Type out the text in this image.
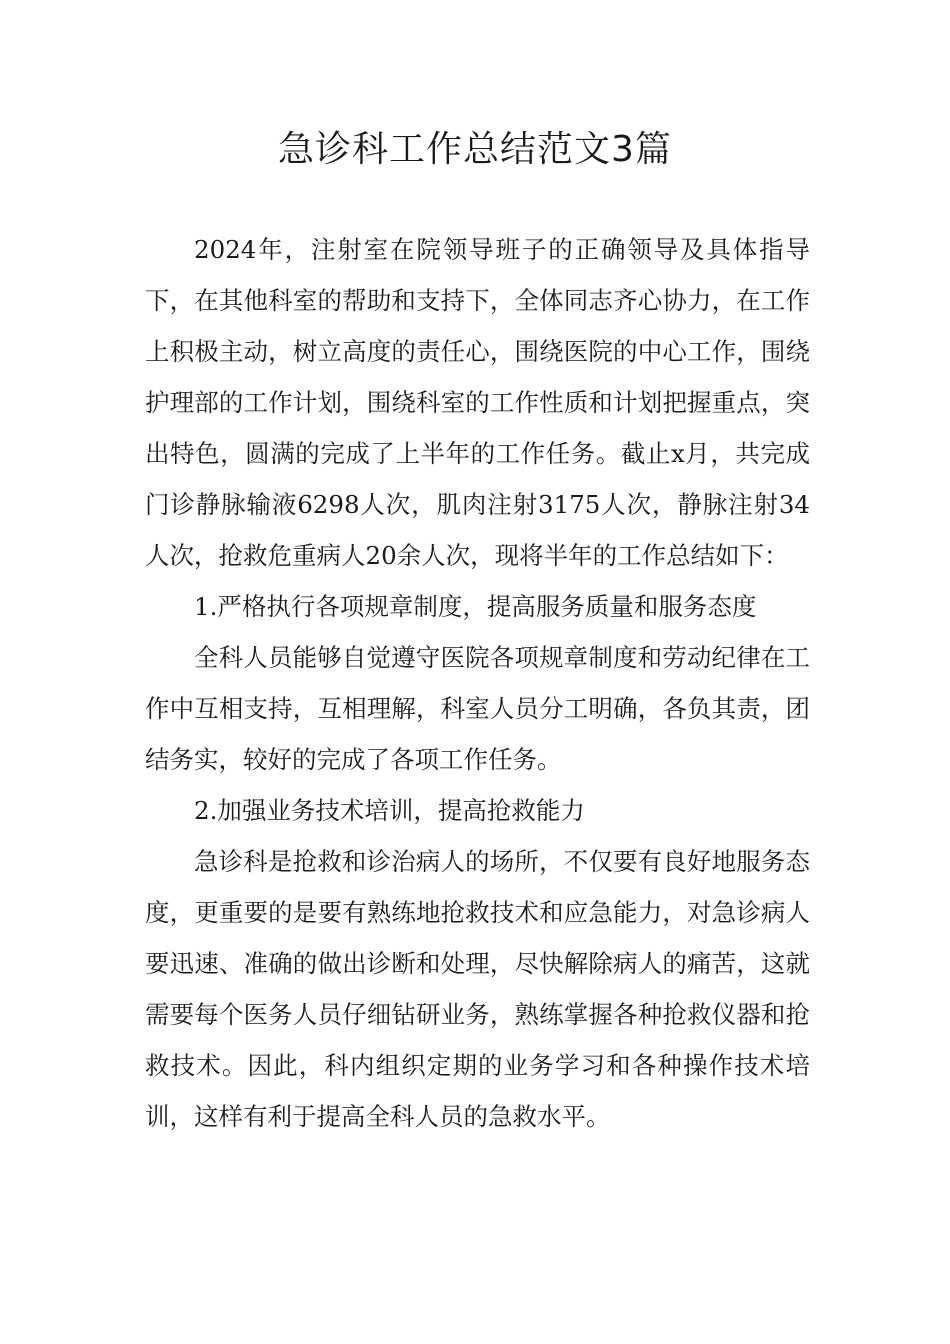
急诊科工作总结范文3篇

2024年，注射室在院领导班子的正确领导及具体指导下，在其他科室的帮助和支持下，全体同志齐心协力，在工作上积极主动，树立高度的责任心，围绕医院的中心工作，围绕护理部的工作计划，围绕科室的工作性质和计划把握重点，突出特色，圆满的完成了上半年的工作任务。截止x月，共完成门诊静脉输液6298人次，肌肉注射3175人次，静脉注射34人次，抢救危重病人20余人次，现将半年的工作总结如下：

1.严格执行各项规章制度，提高服务质量和服务态度

全科人员能够自觉遵守医院各项规章制度和劳动纪律在工作中互相支持，互相理解，科室人员分工明确，各负其责，团结务实，较好的完成了各项工作任务。

2.加强业务技术培训，提高抢救能力

急诊科是抢救和诊治病人的场所，不仅要有良好地服务态度，更重要的是要有熟练地抢救技术和应急能力，对急诊病人要迅速、准确的做出诊断和处理，尽快解除病人的痛苦，这就需要每个医务人员仔细钻研业务，熟练掌握各种抢救仪器和抢救技术。因此，科内组织定期的业务学习和各种操作技术培训，这样有利于提高全科人员的急救水平。
